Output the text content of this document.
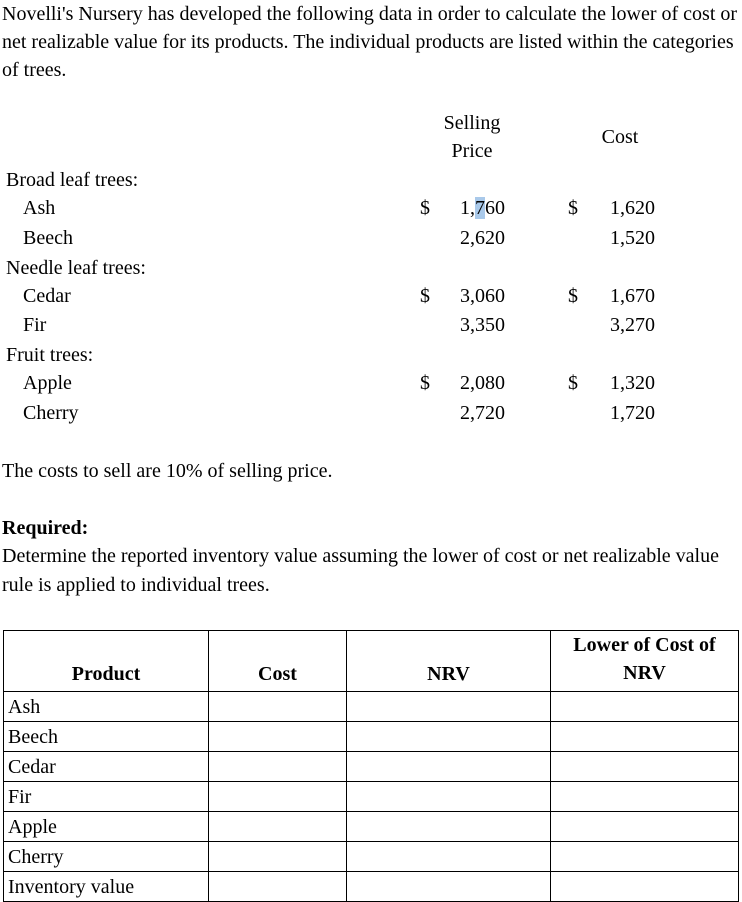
Novelli's Nursery has developed the following data in order to calculate the lower of cost or net realizable value for its products. The individual products are listed within the categories of trees.

Selling
Price
Cost
Broad leaf trees:
Ash	$	1,760	$	1,620
Beech	2,620	1,520
Needle leaf trees:
Cedar	$	3,060	$	1,670
Fir	3,350	3,270
Fruit trees:
Apple	$	2,080	$	1,320
Cherry	2,720	1,720
The costs to sell are 10% of selling price.
Required:
Determine the reported inventory value assuming the lower of cost or net realizable value rule is applied to individual trees.
Product	Cost	NRV	Lower of Cost of
NRV

Ash			
Beech			
Cedar			
Fir			
Apple			
Cherry			
Inventory value			
